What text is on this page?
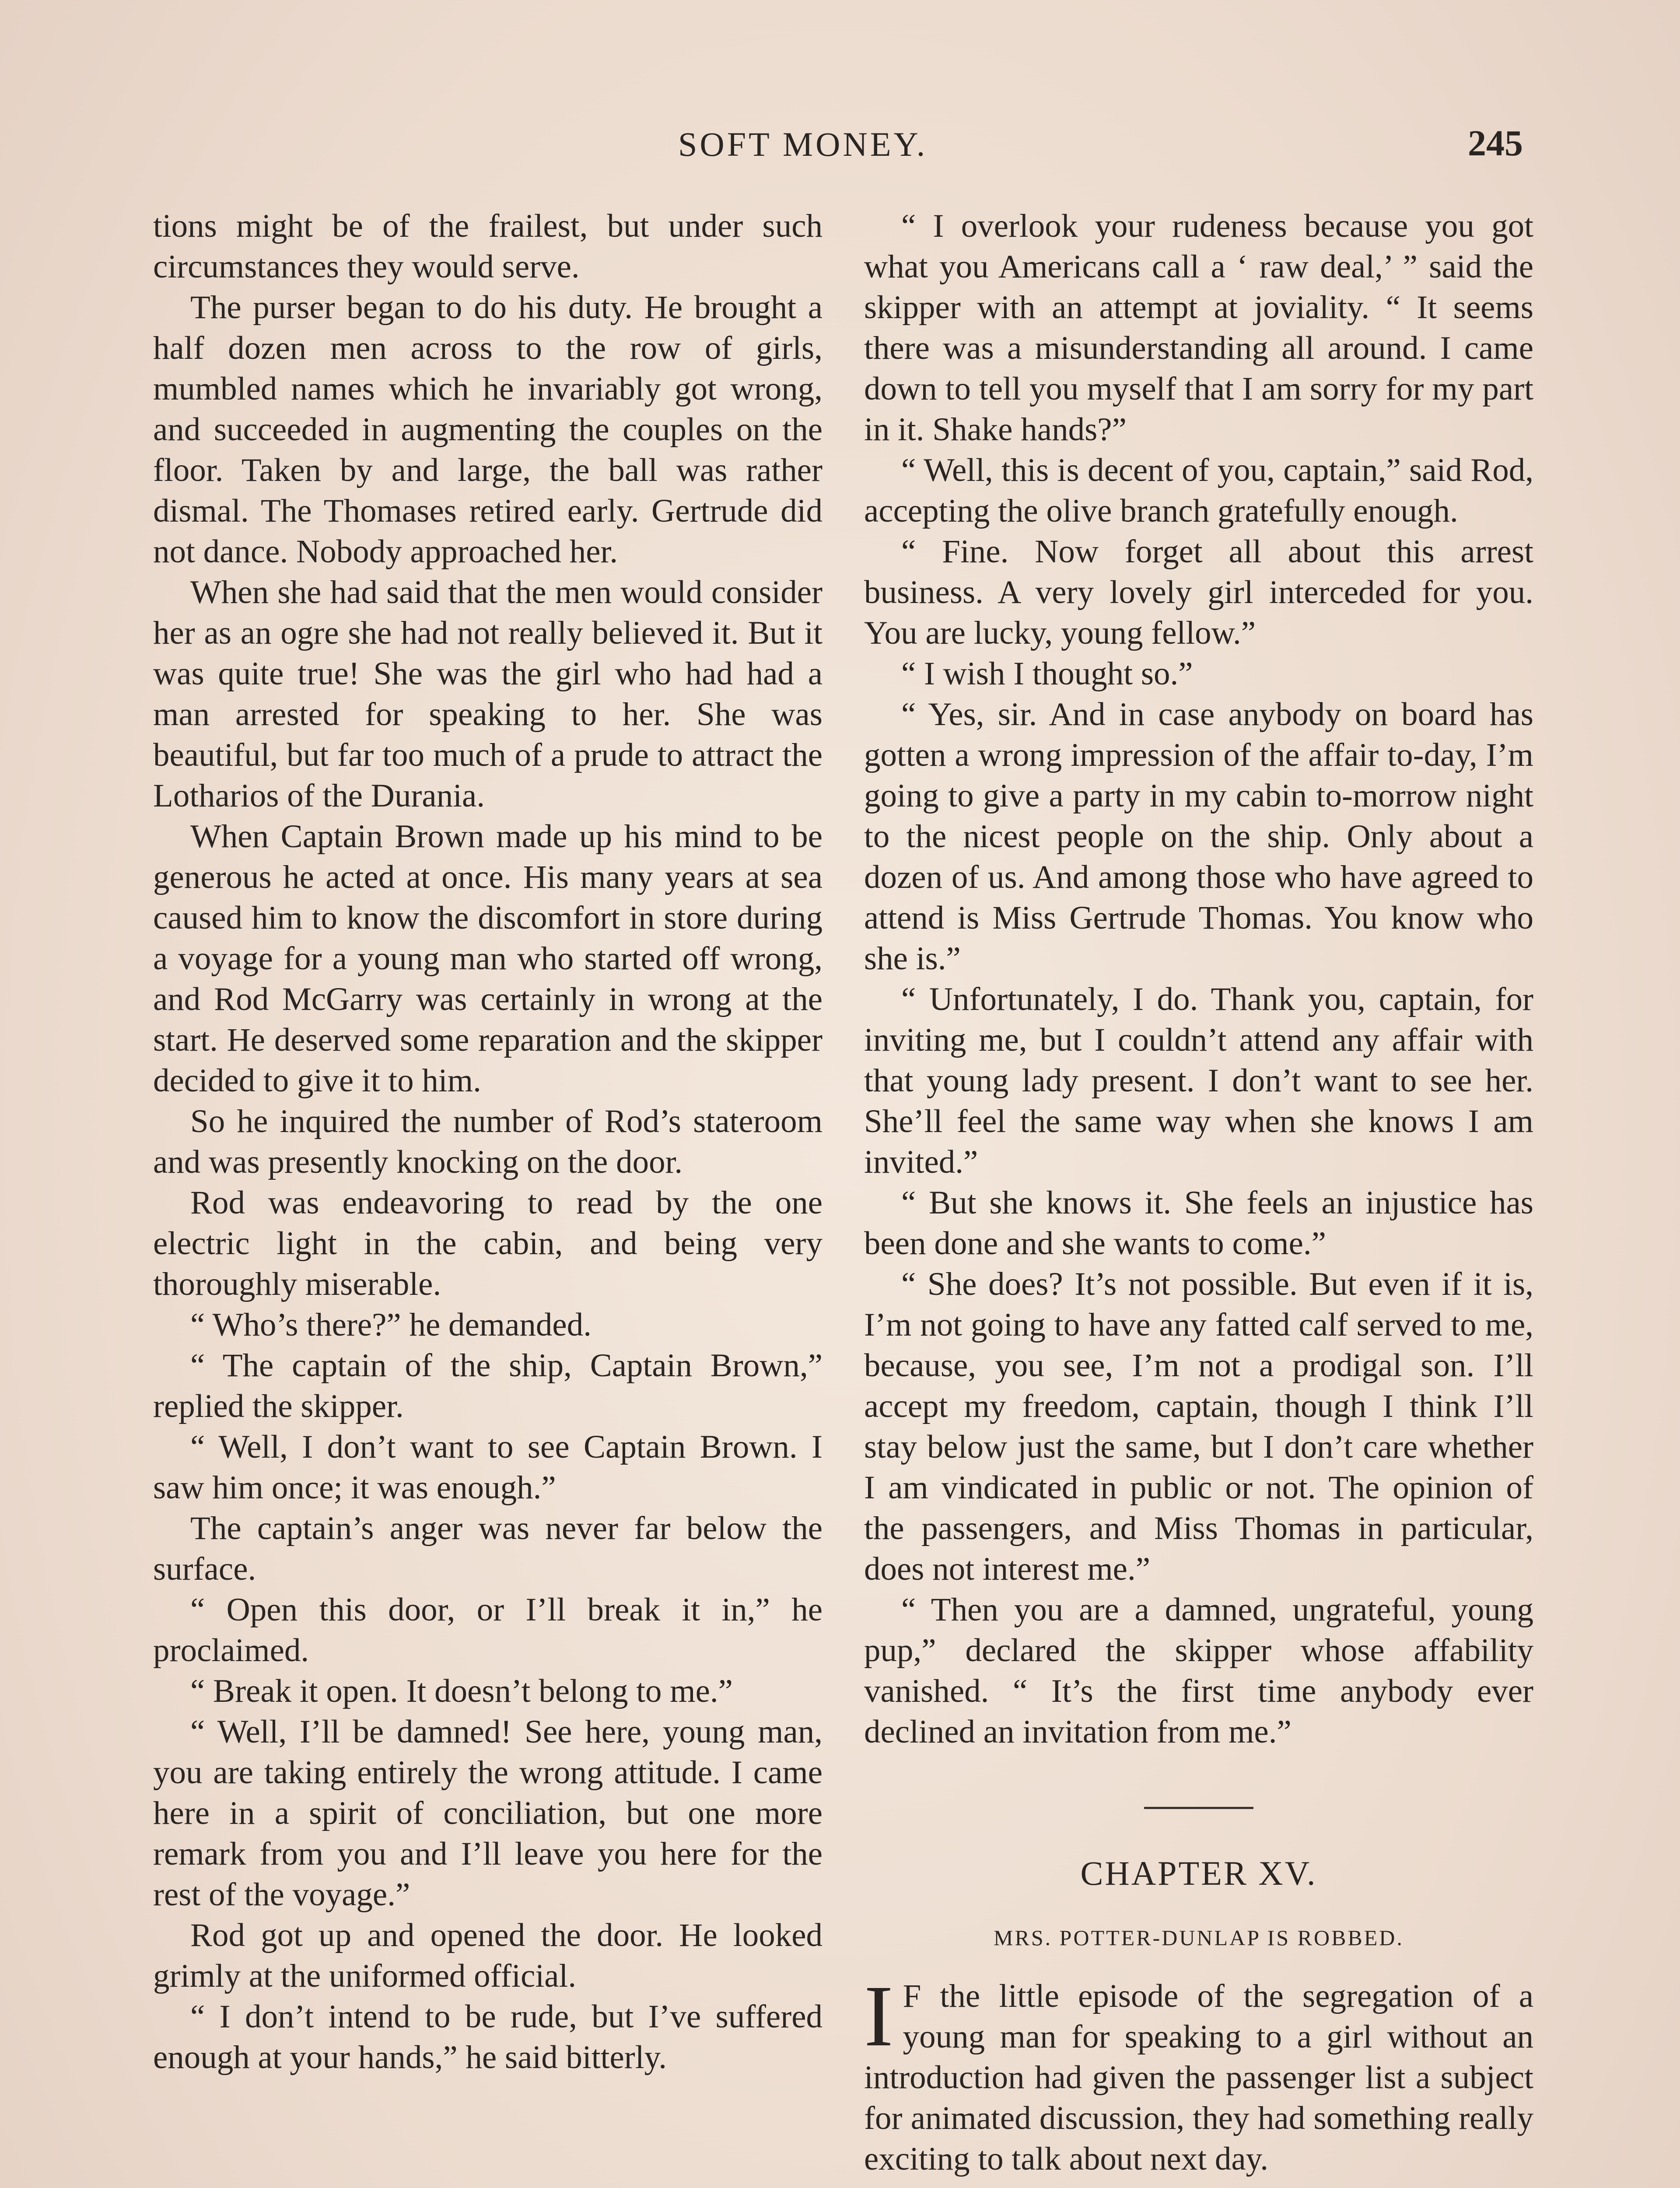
SOFT MONEY.	245

tions might be of the frailest, but under such circumstances they would serve.

The purser began to do his duty. He brought a half dozen men across to the row of girls, mumbled names which he invariably got wrong, and succeeded in augmenting the couples on the floor. Taken by and large, the ball was rather dismal. The Thomases retired early. Gertrude did not dance. Nobody approached her.

When she had said that the men would consider her as an ogre she had not really believed it. But it was quite true! She was the girl who had had a man arrested for speaking to her. She was beautiful, but far too much of a prude to attract the Lotharios of the Durania.

When Captain Brown made up his mind to be generous he acted at once. His many years at sea caused him to know the discomfort in store during a voyage for a young man who started off wrong, and Rod McGarry was certainly in wrong at the start. He deserved some reparation and the skipper decided to give it to him.

So he inquired the number of Rod’s stateroom and was presently knocking on the door.

Rod was endeavoring to read by the one electric light in the cabin, and being very thoroughly miserable.

“ Who’s there?” he demanded.

“ The captain of the ship, Captain Brown,” replied the skipper.

“ Well, I don’t want to see Captain Brown. I saw him once; it was enough.”

The captain’s anger was never far below the surface.

“ Open this door, or I’ll break it in,” he proclaimed.

“ Break it open. It doesn’t belong to me.”

“ Well, I’ll be damned! See here, young man, you are taking entirely the wrong attitude. I came here in a spirit of conciliation, but one more remark from you and I’ll leave you here for the rest of the voyage.”

Rod got up and opened the door. He looked grimly at the uniformed official.

“ I don’t intend to be rude, but I’ve suffered enough at your hands,” he said bitterly.

“ I overlook your rudeness because you got what you Americans call a ‘ raw deal,’ ” said the skipper with an attempt at joviality. “ It seems there was a misunderstanding all around. I came down to tell you myself that I am sorry for my part in it. Shake hands?”

“ Well, this is decent of you, captain,” said Rod, accepting the olive branch gratefully enough.

“ Fine. Now forget all about this arrest business. A very lovely girl interceded for you. You are lucky, young fellow.”

“ I wish I thought so.”

“ Yes, sir. And in case anybody on board has gotten a wrong impression of the affair to-day, I’m going to give a party in my cabin to-morrow night to the nicest people on the ship. Only about a dozen of us. And among those who have agreed to attend is Miss Gertrude Thomas. You know who she is.”

“ Unfortunately, I do. Thank you, captain, for inviting me, but I couldn’t attend any affair with that young lady present. I don’t want to see her. She’ll feel the same way when she knows I am invited.”

“ But she knows it. She feels an injustice has been done and she wants to come.”

“ She does? It’s not possible. But even if it is, I’m not going to have any fatted calf served to me, because, you see, I’m not a prodigal son. I’ll accept my freedom, captain, though I think I’ll stay below just the same, but I don’t care whether I am vindicated in public or not. The opinion of the passengers, and Miss Thomas in particular, does not interest me.”

“ Then you are a damned, ungrateful, young pup,” declared the skipper whose affability vanished. “ It’s the first time anybody ever declined an invitation from me.”

CHAPTER XV.
MRS. POTTER-DUNLAP IS ROBBED.

I F the little episode of the segregation of a young man for speaking to a girl without an introduction had given the passenger list a subject for animated discussion, they had something really exciting to talk about next day.
